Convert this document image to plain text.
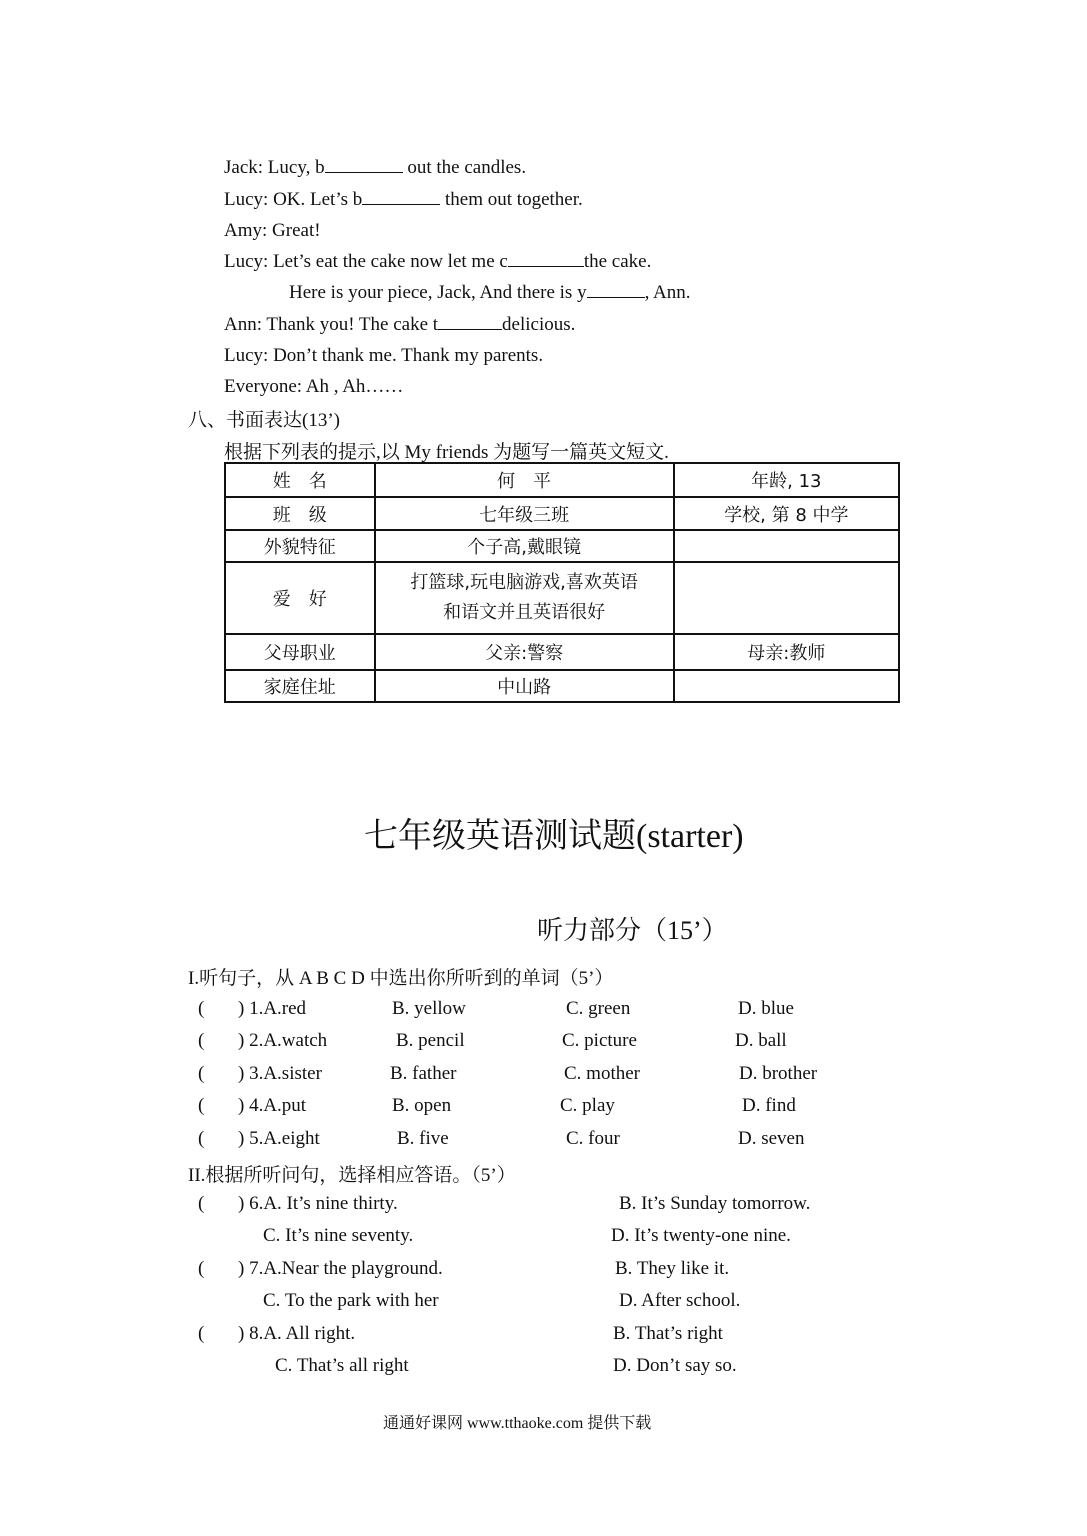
Jack: Lucy, b	out the candles.
Lucy: OK. Let’s b	them out together.
Amy: Great!
Lucy: Let’s eat the cake now let me c	the cake.
Here is your piece, Jack, And there is y	, Ann.
Ann: Thank you! The cake t	delicious.
Lucy: Don’t thank me. Thank my parents.
Everyone: Ah , Ah……
八、书面表达(13’)
根据下列表的提示,以 My friends 为题写一篇英文短文.
姓　名	何　平	年龄, 13
班　级	七年级三班	学校, 第 8 中学
外貌特征	个子高,戴眼镜	
爱　好	打篮球,玩电脑游戏,喜欢英语
和语文并且英语很好	
父母职业	父亲:警察	母亲:教师
家庭住址	中山路	
七年级英语测试题(starter)
听力部分（15’）
I.听句子，从 A B C D 中选出你所听到的单词（5’）
( ) 1.A.red	B. yellow	C. green	D. blue
( ) 2.A.watch	B. pencil	C. picture	D. ball
( ) 3.A.sister	B. father	C. mother	D. brother
( ) 4.A.put	B. open	C. play	D. find
( ) 5.A.eight	B. five	C. four	D. seven
II.根据所听问句，选择相应答语。（5’）
( ) 6.A. It’s nine thirty.	B. It’s Sunday tomorrow.
C. It’s nine seventy.	D. It’s twenty-one nine.
( ) 7.A.Near the playground.	B. They like it.
C. To the park with her	D. After school.
( ) 8.A. All right.	B. That’s right
C. That’s all right	D. Don’t say so.
通通好课网 www.tthaoke.com 提供下载
